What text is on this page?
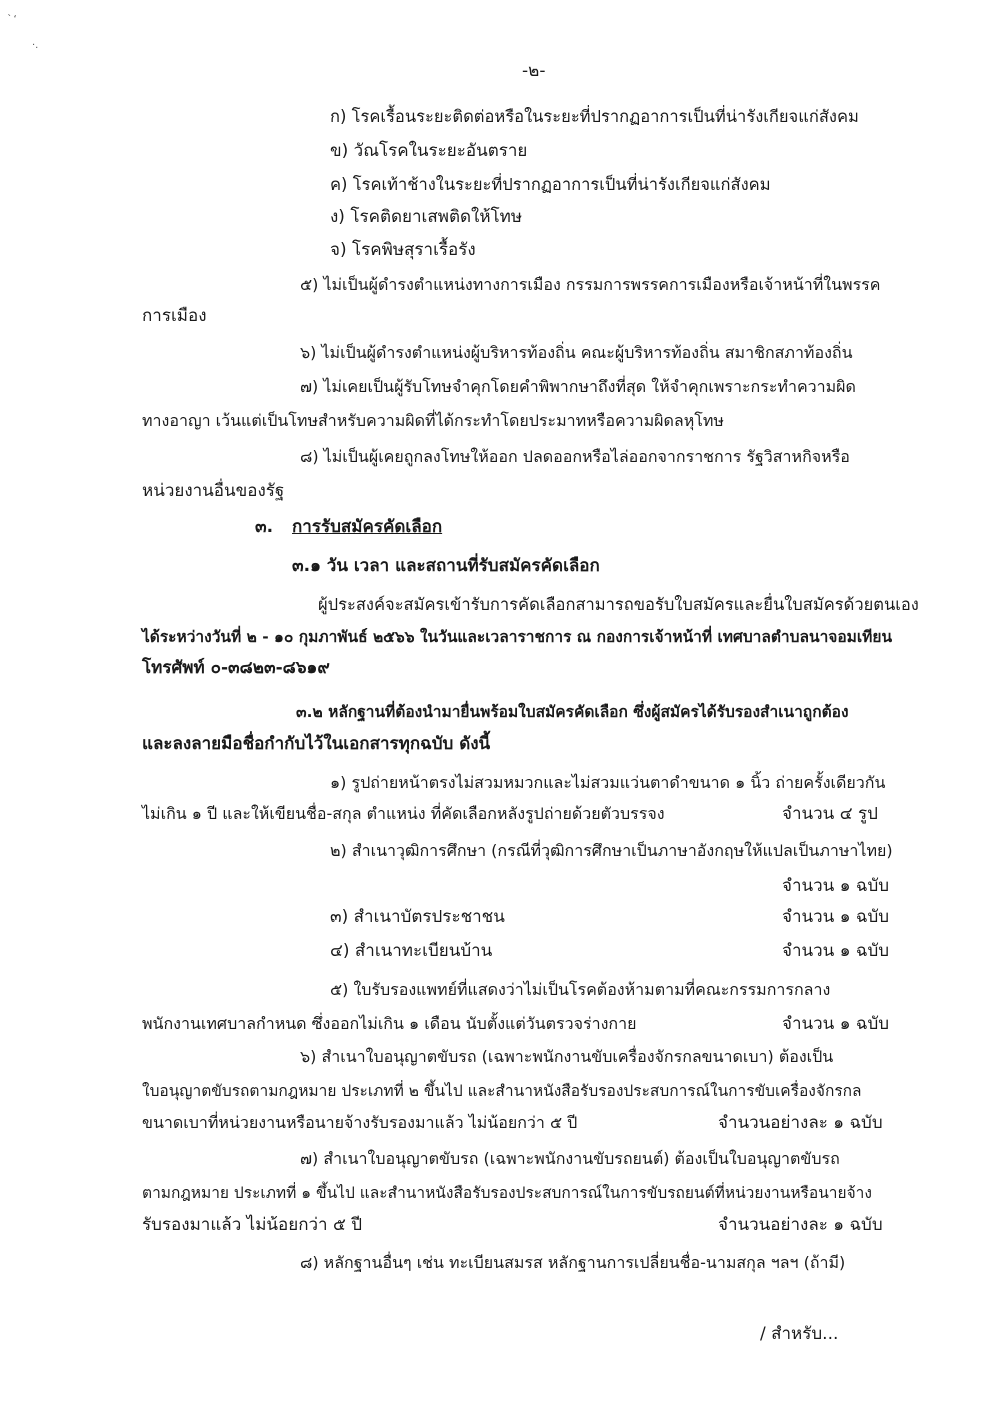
՝ ‘
·.
-๒-
ก) โรคเรื้อนระยะติดต่อหรือในระยะที่ปรากฏอาการเป็นที่น่ารังเกียจแก่สังคม
ข) วัณโรคในระยะอันตราย
ค) โรคเท้าช้างในระยะที่ปรากฏอาการเป็นที่น่ารังเกียจแก่สังคม
ง) โรคติดยาเสพติดให้โทษ
จ) โรคพิษสุราเรื้อรัง
๕) ไม่เป็นผู้ดำรงตำแหน่งทางการเมือง กรรมการพรรคการเมืองหรือเจ้าหน้าที่ในพรรค
การเมือง
๖) ไม่เป็นผู้ดำรงตำแหน่งผู้บริหารท้องถิ่น คณะผู้บริหารท้องถิ่น สมาชิกสภาท้องถิ่น
๗) ไม่เคยเป็นผู้รับโทษจำคุกโดยคำพิพากษาถึงที่สุด ให้จำคุกเพราะกระทำความผิด
ทางอาญา เว้นแต่เป็นโทษสำหรับความผิดที่ได้กระทำโดยประมาทหรือความผิดลหุโทษ
๘) ไม่เป็นผู้เคยถูกลงโทษให้ออก ปลดออกหรือไล่ออกจากราชการ รัฐวิสาหกิจหรือ
หน่วยงานอื่นของรัฐ
๓. การรับสมัครคัดเลือก
๓.๑ วัน เวลา และสถานที่รับสมัครคัดเลือก
ผู้ประสงค์จะสมัครเข้ารับการคัดเลือกสามารถขอรับใบสมัครและยื่นใบสมัครด้วยตนเอง
ได้ระหว่างวันที่ ๒ - ๑๐ กุมภาพันธ์ ๒๕๖๖ ในวันและเวลาราชการ ณ กองการเจ้าหน้าที่ เทศบาลตำบลนาจอมเทียน
โทรศัพท์ ๐-๓๘๒๓-๘๖๑๙
๓.๒ หลักฐานที่ต้องนำมายื่นพร้อมใบสมัครคัดเลือก ซึ่งผู้สมัครได้รับรองสำเนาถูกต้อง
และลงลายมือชื่อกำกับไว้ในเอกสารทุกฉบับ ดังนี้
๑) รูปถ่ายหน้าตรงไม่สวมหมวกและไม่สวมแว่นตาดำขนาด ๑ นิ้ว ถ่ายครั้งเดียวกัน
ไม่เกิน ๑ ปี และให้เขียนชื่อ-สกุล ตำแหน่ง ที่คัดเลือกหลังรูปถ่ายด้วยตัวบรรจง	จำนวน ๔ รูป
๒) สำเนาวุฒิการศึกษา (กรณีที่วุฒิการศึกษาเป็นภาษาอังกฤษให้แปลเป็นภาษาไทย)
จำนวน ๑ ฉบับ
๓) สำเนาบัตรประชาชน	จำนวน ๑ ฉบับ
๔) สำเนาทะเบียนบ้าน	จำนวน ๑ ฉบับ
๕) ใบรับรองแพทย์ที่แสดงว่าไม่เป็นโรคต้องห้ามตามที่คณะกรรมการกลาง
พนักงานเทศบาลกำหนด ซึ่งออกไม่เกิน ๑ เดือน นับตั้งแต่วันตรวจร่างกาย	จำนวน ๑ ฉบับ
๖) สำเนาใบอนุญาตขับรถ (เฉพาะพนักงานขับเครื่องจักรกลขนาดเบา) ต้องเป็น
ใบอนุญาตขับรถตามกฎหมาย ประเภทที่ ๒ ขึ้นไป และสำนาหนังสือรับรองประสบการณ์ในการขับเครื่องจักรกล
ขนาดเบาที่หน่วยงานหรือนายจ้างรับรองมาแล้ว ไม่น้อยกว่า ๕ ปี	จำนวนอย่างละ ๑ ฉบับ
๗) สำเนาใบอนุญาตขับรถ (เฉพาะพนักงานขับรถยนต์) ต้องเป็นใบอนุญาตขับรถ
ตามกฎหมาย ประเภทที่ ๑ ขึ้นไป และสำนาหนังสือรับรองประสบการณ์ในการขับรถยนต์ที่หน่วยงานหรือนายจ้าง
รับรองมาแล้ว ไม่น้อยกว่า ๕ ปี	จำนวนอย่างละ ๑ ฉบับ
๘) หลักฐานอื่นๆ เช่น ทะเบียนสมรส หลักฐานการเปลี่ยนชื่อ-นามสกุล ฯลฯ (ถ้ามี)
/ สำหรับ...
